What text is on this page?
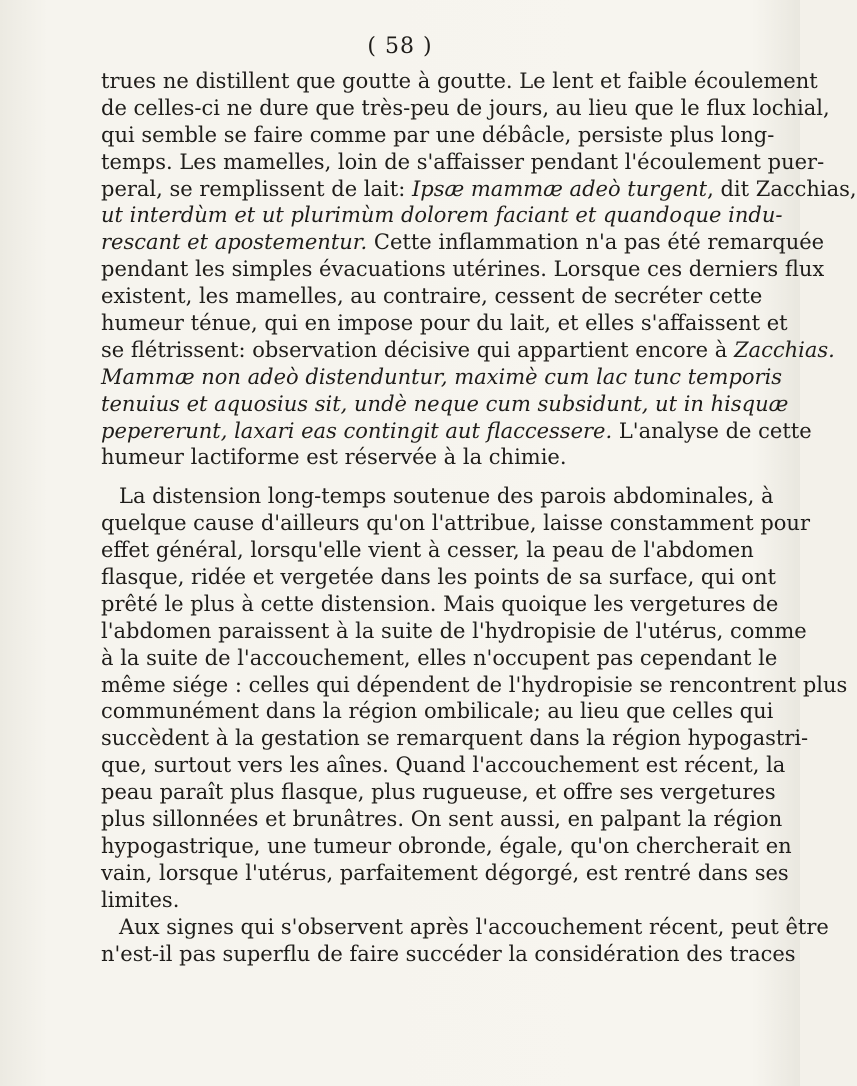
( 58 )
trues ne distillent que goutte à goutte. Le lent et faible écoulement
de celles-ci ne dure que très-peu de jours, au lieu que le flux lochial,
qui semble se faire comme par une débâcle, persiste plus long-
temps. Les mamelles, loin de s'affaisser pendant l'écoulement puer-
peral, se remplissent de lait: Ipsæ mammæ adeò turgent, dit Zacchias,
ut interdùm et ut plurimùm dolorem faciant et quandoque indu-
rescant et apostementur. Cette inflammation n'a pas été remarquée
pendant les simples évacuations utérines. Lorsque ces derniers flux
existent, les mamelles, au contraire, cessent de secréter cette
humeur ténue, qui en impose pour du lait, et elles s'affaissent et
se flétrissent: observation décisive qui appartient encore à Zacchias.
Mammæ non adeò distenduntur, maximè cum lac tunc temporis
tenuius et aquosius sit, undè neque cum subsidunt, ut in hisquæ
pepererunt, laxari eas contingit aut flaccessere. L'analyse de cette
humeur lactiforme est réservée à la chimie.
La distension long-temps soutenue des parois abdominales, à
quelque cause d'ailleurs qu'on l'attribue, laisse constamment pour
effet général, lorsqu'elle vient à cesser, la peau de l'abdomen
flasque, ridée et vergetée dans les points de sa surface, qui ont
prêté le plus à cette distension. Mais quoique les vergetures de
l'abdomen paraissent à la suite de l'hydropisie de l'utérus, comme
à la suite de l'accouchement, elles n'occupent pas cependant le
même siége : celles qui dépendent de l'hydropisie se rencontrent plus
communément dans la région ombilicale; au lieu que celles qui
succèdent à la gestation se remarquent dans la région hypogastri-
que, surtout vers les aînes. Quand l'accouchement est récent, la
peau paraît plus flasque, plus rugueuse, et offre ses vergetures
plus sillonnées et brunâtres. On sent aussi, en palpant la région
hypogastrique, une tumeur obronde, égale, qu'on chercherait en
vain, lorsque l'utérus, parfaitement dégorgé, est rentré dans ses
limites.
Aux signes qui s'observent après l'accouchement récent, peut être
n'est-il pas superflu de faire succéder la considération des traces
